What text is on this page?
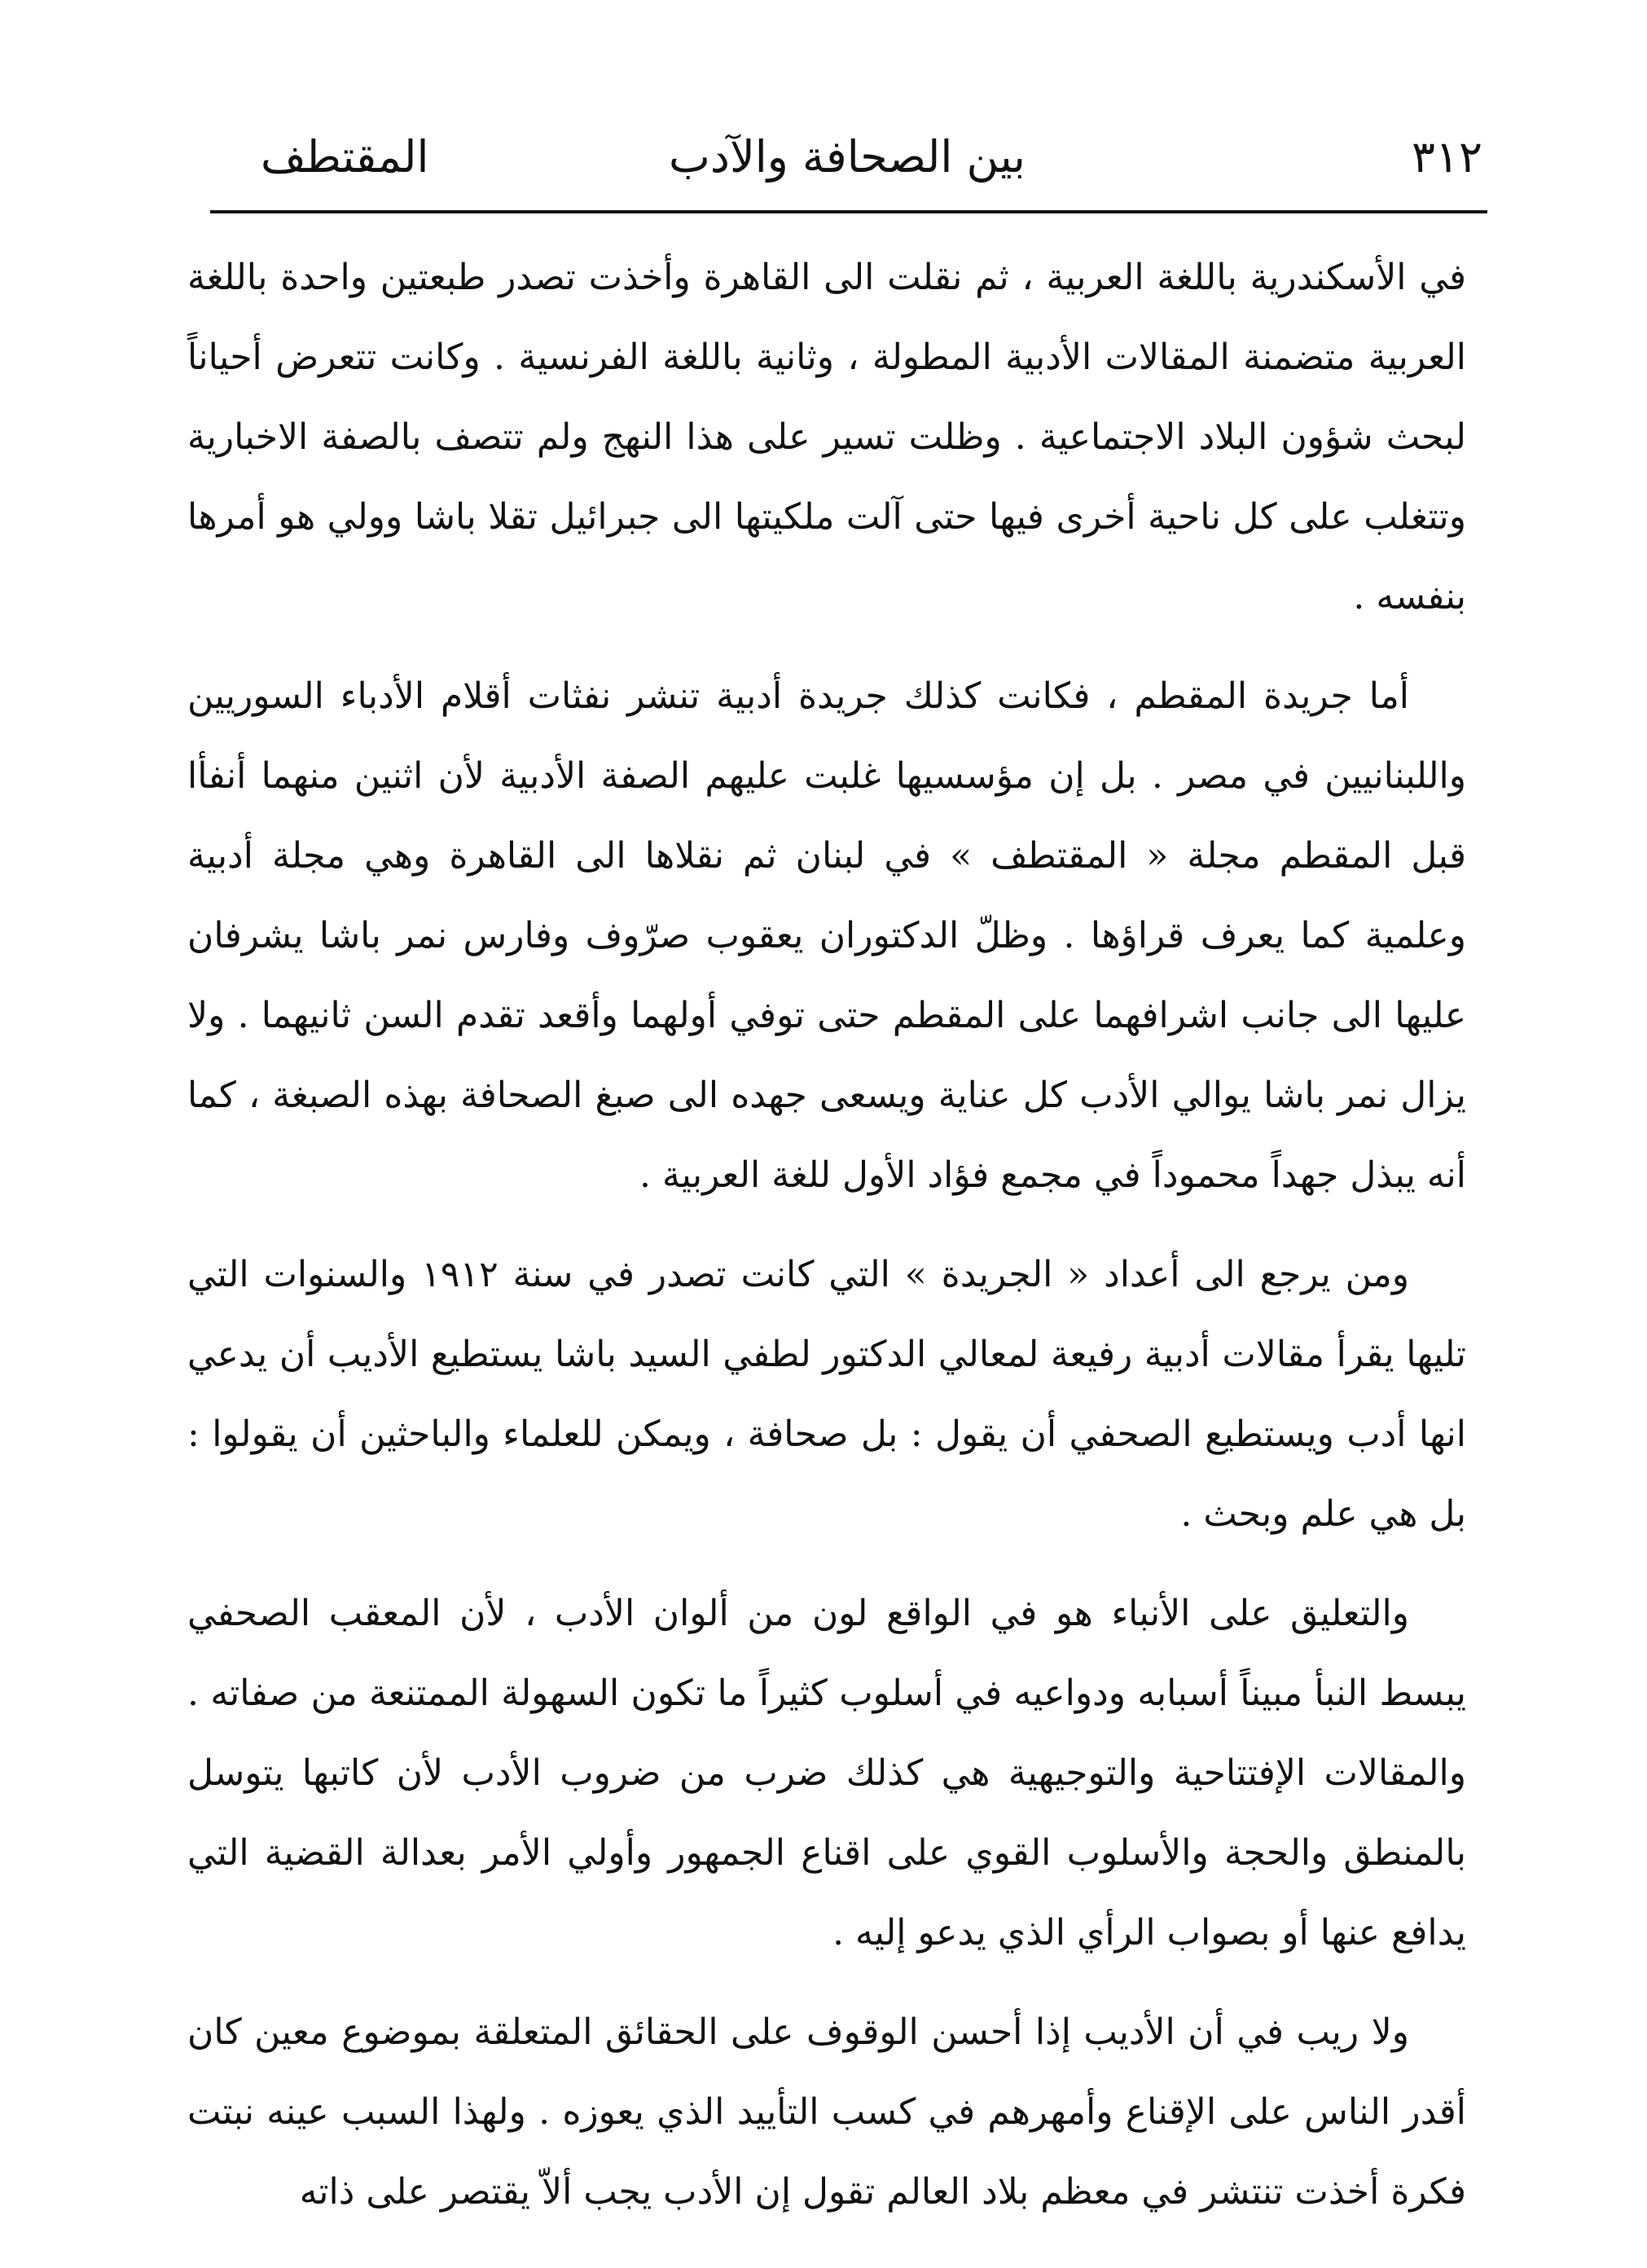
٣١٢
بين الصحافة والآدب
المقتطف

في الأسكندرية باللغة العربية ، ثم نقلت الى القاهرة وأخذت تصدر طبعتين واحدة باللغة العربية متضمنة المقالات الأدبية المطولة ، وثانية باللغة الفرنسية . وكانت تتعرض أحياناً لبحث شؤون البلاد الاجتماعية . وظلت تسير على هذا النهج ولم تتصف بالصفة الاخبارية وتتغلب على كل ناحية أخرى فيها حتى آلت ملكيتها الى جبرائيل تقلا باشا وولي هو أمرها بنفسه .

أما جريدة المقطم ، فكانت كذلك جريدة أدبية تنشر نفثات أقلام الأدباء السوريين واللبنانيين في مصر . بل إن مؤسسيها غلبت عليهم الصفة الأدبية لأن اثنين منهما أنفأا قبل المقطم مجلة « المقتطف » في لبنان ثم نقلاها الى القاهرة وهي مجلة أدبية وعلمية كما يعرف قراؤها . وظلّ الدكتوران يعقوب صرّوف وفارس نمر باشا يشرفان عليها الى جانب اشرافهما على المقطم حتى توفي أولهما وأقعد تقدم السن ثانيهما . ولا يزال نمر باشا يوالي الأدب كل عناية ويسعى جهده الى صبغ الصحافة بهذه الصبغة ، كما أنه يبذل جهداً محموداً في مجمع فؤاد الأول للغة العربية .

ومن يرجع الى أعداد « الجريدة » التي كانت تصدر في سنة ١٩١٢ والسنوات التي تليها يقرأ مقالات أدبية رفيعة لمعالي الدكتور لطفي السيد باشا يستطيع الأديب أن يدعي انها أدب ويستطيع الصحفي أن يقول : بل صحافة ، ويمكن للعلماء والباحثين أن يقولوا : بل هي علم وبحث .

والتعليق على الأنباء هو في الواقع لون من ألوان الأدب ، لأن المعقب الصحفي يبسط النبأ مبيناً أسبابه ودواعيه في أسلوب كثيراً ما تكون السهولة الممتنعة من صفاته . والمقالات الإفتتاحية والتوجيهية هي كذلك ضرب من ضروب الأدب لأن كاتبها يتوسل بالمنطق والحجة والأسلوب القوي على اقناع الجمهور وأولي الأمر بعدالة القضية التي يدافع عنها أو بصواب الرأي الذي يدعو إليه .

ولا ريب في أن الأديب إذا أحسن الوقوف على الحقائق المتعلقة بموضوع معين كان أقدر الناس على الإقناع وأمهرهم في كسب التأييد الذي يعوزه . ولهذا السبب عينه نبتت فكرة أخذت تنتشر في معظم بلاد العالم تقول إن الأدب يجب ألاّ يقتصر على ذاته
